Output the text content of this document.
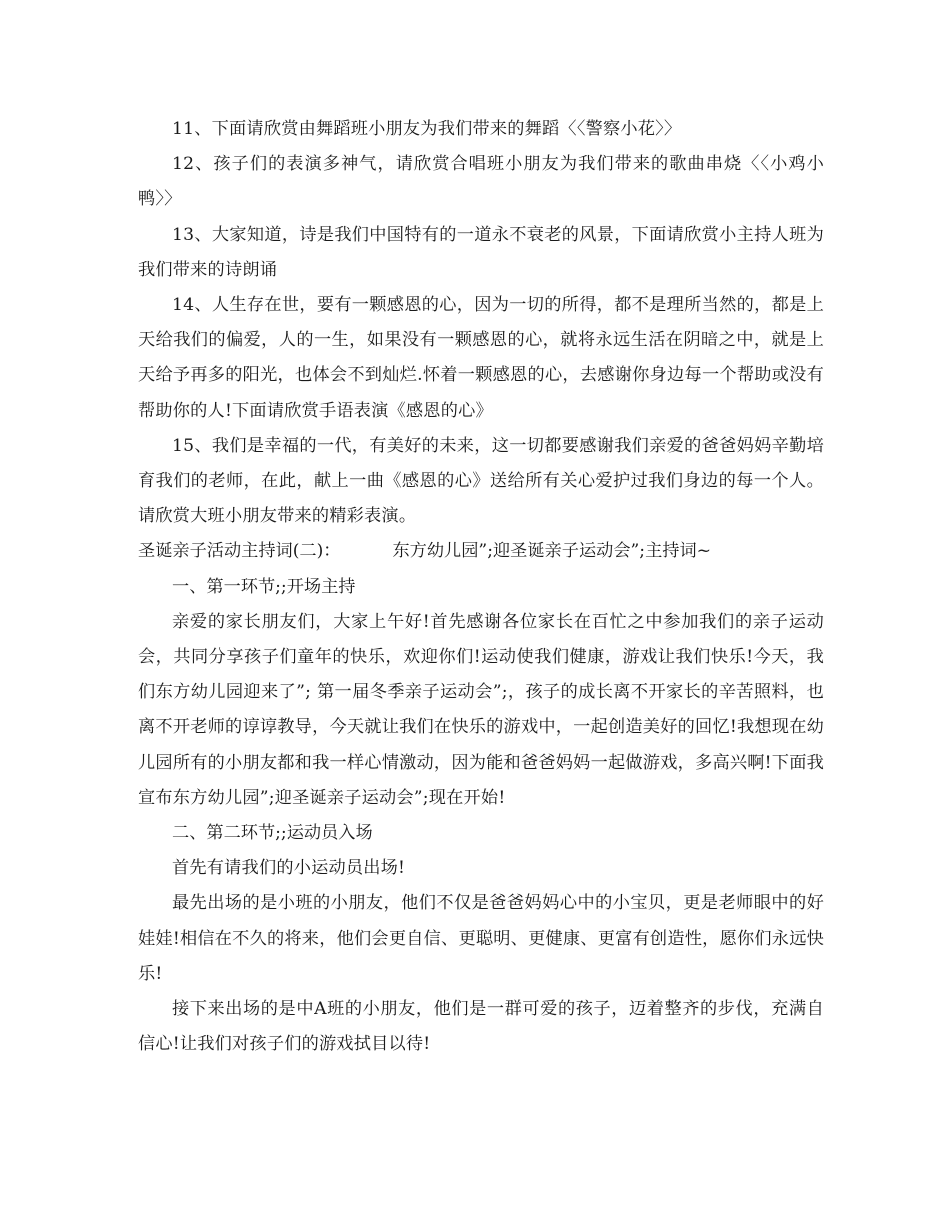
11、下面请欣赏由舞蹈班小朋友为我们带来的舞蹈〈〈警察小花〉〉

12、孩子们的表演多神气，请欣赏合唱班小朋友为我们带来的歌曲串烧〈〈小鸡小鸭〉〉

13、大家知道，诗是我们中国特有的一道永不衰老的风景，下面请欣赏小主持人班为我们带来的诗朗诵

14、人生存在世，要有一颗感恩的心，因为一切的所得，都不是理所当然的，都是上天给我们的偏爱，人的一生，如果没有一颗感恩的心，就将永远生活在阴暗之中，就是上天给予再多的阳光，也体会不到灿烂.怀着一颗感恩的心，去感谢你身边每一个帮助或没有帮助你的人!下面请欣赏手语表演《感恩的心》

15、我们是幸福的一代，有美好的未来，这一切都要感谢我们亲爱的爸爸妈妈辛勤培育我们的老师，在此，献上一曲《感恩的心》送给所有关心爱护过我们身边的每一个人。请欣赏大班小朋友带来的精彩表演。

圣诞亲子活动主持词(二)：	东方幼儿园”;迎圣诞亲子运动会”;主持词~

一、第一环节;;开场主持

亲爱的家长朋友们，大家上午好!首先感谢各位家长在百忙之中参加我们的亲子运动会，共同分享孩子们童年的快乐，欢迎你们!运动使我们健康，游戏让我们快乐!今天，我们东方幼儿园迎来了”; 第一届冬季亲子运动会”;，孩子的成长离不开家长的辛苦照料，也离不开老师的谆谆教导，今天就让我们在快乐的游戏中，一起创造美好的回忆!我想现在幼儿园所有的小朋友都和我一样心情激动，因为能和爸爸妈妈一起做游戏，多高兴啊!下面我宣布东方幼儿园”;迎圣诞亲子运动会”;现在开始!

二、第二环节;;运动员入场

首先有请我们的小运动员出场!

最先出场的是小班的小朋友，他们不仅是爸爸妈妈心中的小宝贝，更是老师眼中的好娃娃!相信在不久的将来，他们会更自信、更聪明、更健康、更富有创造性，愿你们永远快乐!

接下来出场的是中A班的小朋友，他们是一群可爱的孩子，迈着整齐的步伐，充满自信心!让我们对孩子们的游戏拭目以待!
